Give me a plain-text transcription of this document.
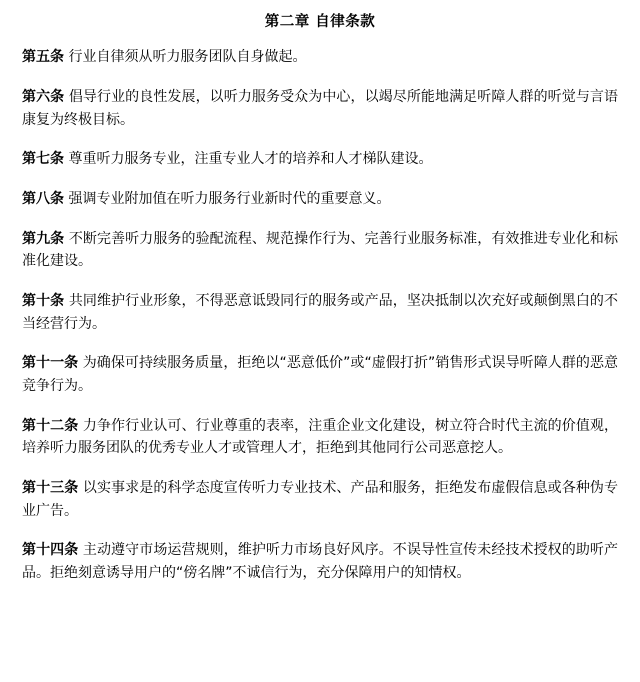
第二章 自律条款

第五条 行业自律须从听力服务团队自身做起。

第六条 倡导行业的良性发展，以听力服务受众为中心，以竭尽所能地满足听障人群的听觉与言语康复为终极目标。

第七条 尊重听力服务专业，注重专业人才的培养和人才梯队建设。

第八条 强调专业附加值在听力服务行业新时代的重要意义。

第九条 不断完善听力服务的验配流程、规范操作行为、完善行业服务标准，有效推进专业化和标准化建设。

第十条 共同维护行业形象，不得恶意诋毁同行的服务或产品，坚决抵制以次充好或颠倒黑白的不当经营行为。

第十一条 为确保可持续服务质量，拒绝以“恶意低价”或“虚假打折”销售形式误导听障人群的恶意竞争行为。

第十二条 力争作行业认可、行业尊重的表率，注重企业文化建设，树立符合时代主流的价值观，培养听力服务团队的优秀专业人才或管理人才，拒绝到其他同行公司恶意挖人。

第十三条 以实事求是的科学态度宣传听力专业技术、产品和服务，拒绝发布虚假信息或各种伪专业广告。

第十四条 主动遵守市场运营规则，维护听力市场良好风序。不误导性宣传未经技术授权的助听产品。拒绝刻意诱导用户的“傍名牌”不诚信行为，充分保障用户的知情权。
